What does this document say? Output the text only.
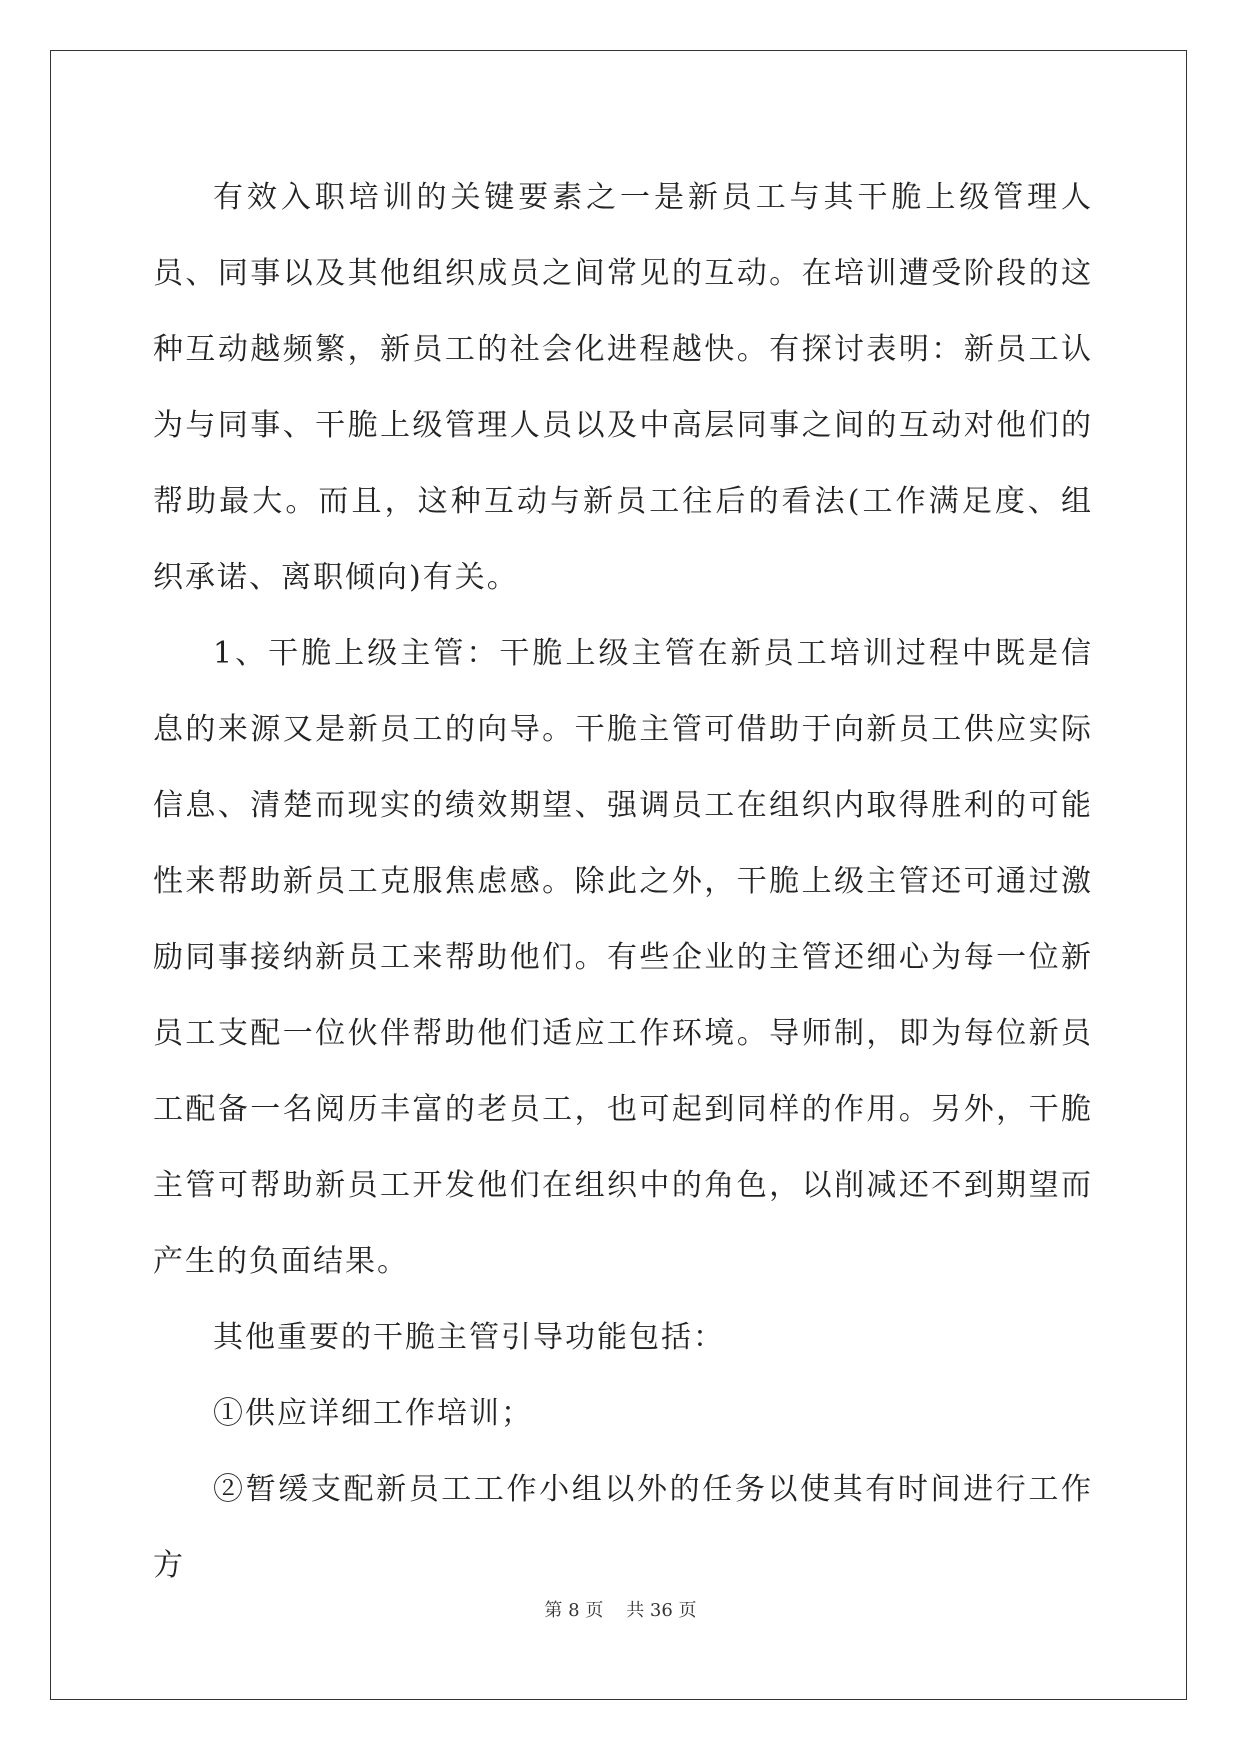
有效入职培训的关键要素之一是新员工与其干脆上级管理人员、同事以及其他组织成员之间常见的互动。在培训遭受阶段的这种互动越频繁，新员工的社会化进程越快。有探讨表明：新员工认为与同事、干脆上级管理人员以及中高层同事之间的互动对他们的帮助最大。而且，这种互动与新员工往后的看法(工作满足度、组织承诺、离职倾向)有关。

1、干脆上级主管：干脆上级主管在新员工培训过程中既是信息的来源又是新员工的向导。干脆主管可借助于向新员工供应实际信息、清楚而现实的绩效期望、强调员工在组织内取得胜利的可能性来帮助新员工克服焦虑感。除此之外，干脆上级主管还可通过激励同事接纳新员工来帮助他们。有些企业的主管还细心为每一位新员工支配一位伙伴帮助他们适应工作环境。导师制，即为每位新员工配备一名阅历丰富的老员工，也可起到同样的作用。另外，干脆主管可帮助新员工开发他们在组织中的角色，以削减还不到期望而产生的负面结果。

其他重要的干脆主管引导功能包括：

①供应详细工作培训；

②暂缓支配新员工工作小组以外的任务以使其有时间进行工作方

第 8 页    共 36 页
